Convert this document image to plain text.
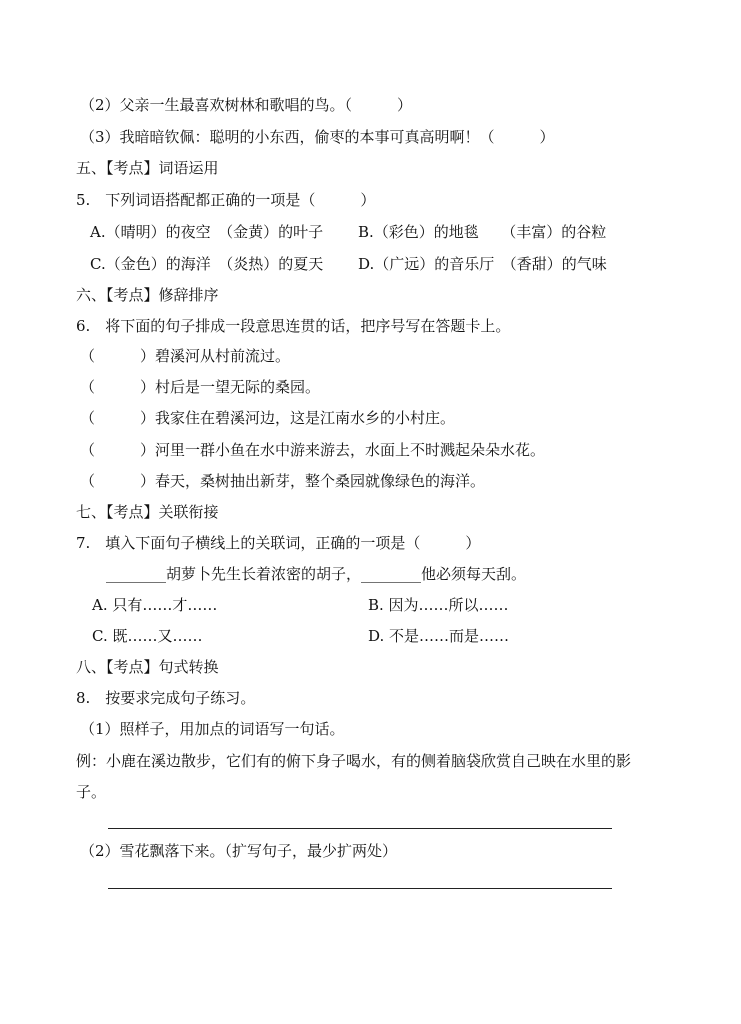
（2）父亲一生最喜欢树林和歌唱的鸟。（　　　）
（3）我暗暗钦佩：聪明的小东西，偷枣的本事可真高明啊！（　　　）
五、【考点】词语运用
5.　下列词语搭配都正确的一项是（　　　）
A.（晴明）的夜空　（金黄）的叶子 B.（彩色）的地毯　　（丰富）的谷粒
C.（金色）的海洋　（炎热）的夏天 D.（广远）的音乐厅　（香甜）的气味
六、【考点】修辞排序
6.　将下面的句子排成一段意思连贯的话，把序号写在答题卡上。
（　　　）碧溪河从村前流过。
（　　　）村后是一望无际的桑园。
（　　　）我家住在碧溪河边，这是江南水乡的小村庄。
（　　　）河里一群小鱼在水中游来游去，水面上不时溅起朵朵水花。
（　　　）春天，桑树抽出新芽，整个桑园就像绿色的海洋。
七、【考点】关联衔接
7.　填入下面句子横线上的关联词，正确的一项是（　　　）
________胡萝卜先生长着浓密的胡子，________他必须每天刮。
A. 只有……才……	B. 因为……所以……
C. 既……又……	D. 不是……而是……
八、【考点】句式转换
8.　按要求完成句子练习。
（1）照样子，用加点的词语写一句话。
例：小鹿在溪边散步，它们有的俯下身子喝水，有的侧着脑袋欣赏自己映在水里的影
子。
（2）雪花飘落下来。（扩写句子，最少扩两处）
